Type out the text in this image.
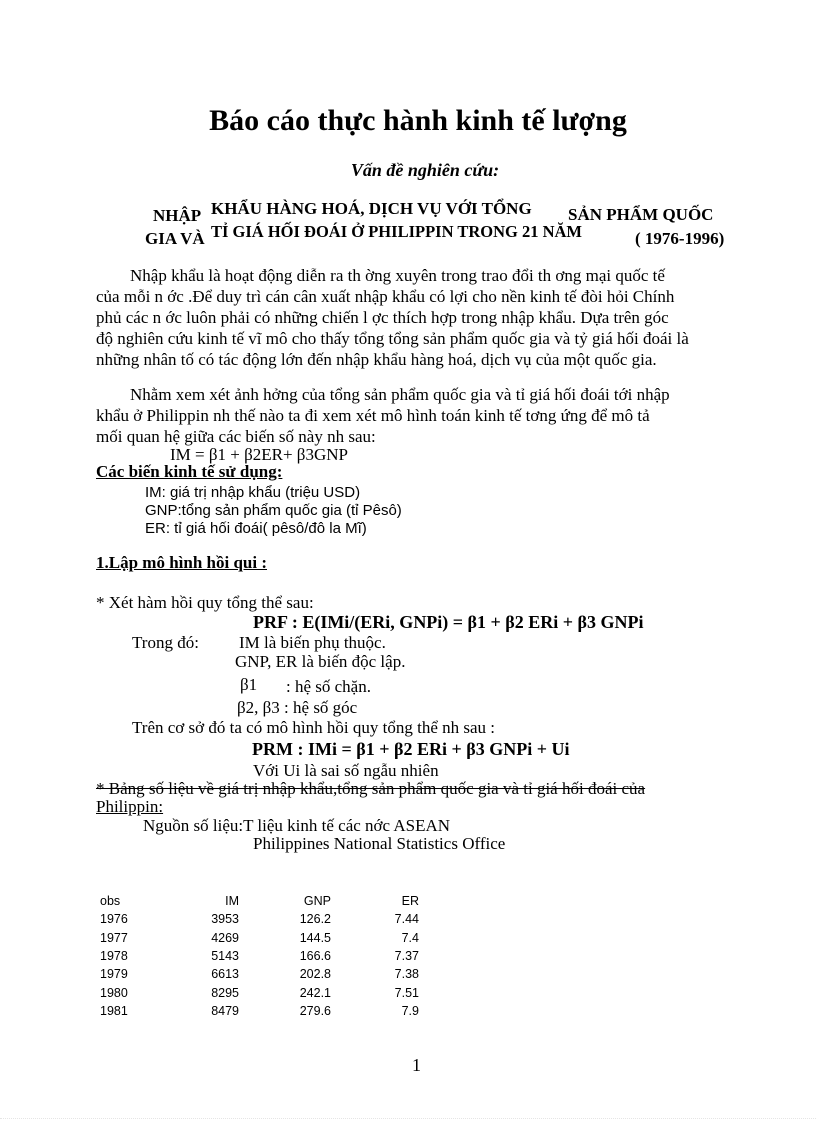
Báo cáo thực hành kinh tế lượng
Vấn đề nghiên cứu:
NHẬP KHẨU HÀNG HOÁ, DỊCH VỤ VỚI TỔNG SẢN PHẨM QUỐC
GIA VÀ TỈ GIÁ HỐI ĐOÁI Ở PHILIPPIN TRONG 21 NĂM	( 1976-1996)
Nhập khẩu là hoạt động diễn ra th ờng xuyên trong trao đổi th ơng mại quốc tế
của mỗi n ớc .Để duy trì cán cân xuất nhập khẩu có lợi cho nền kinh tế đòi hỏi Chính
phủ các n ớc luôn phải có những chiến l ợc thích hợp trong nhập khẩu. Dựa trên góc
độ nghiên cứu kinh tế vĩ mô cho thấy tổng tổng sản phẩm quốc gia và tỷ giá hối đoái là
những nhân tố có tác động lớn đến nhập khẩu hàng hoá, dịch vụ của một quốc gia.
Nhằm xem xét ảnh hởng của tổng sản phẩm quốc gia và tỉ giá hối đoái tới nhập
khẩu ở Philippin nh thế nào ta đi xem xét mô hình toán kinh tế tơng ứng để mô tả
mối quan hệ giữa các biến số này nh sau:
IM = β1 + β2ER+ β3GNP
Các biến kinh tế sử dụng:
IM: giá trị nhập khẩu (triệu USD)
GNP:tổng sản phẩm quốc gia (tỉ Pêsô)
ER: tỉ giá hối đoái( pêsô/đô la Mĩ)
1.Lập mô hình hồi qui :
* Xét hàm hồi quy tổng thể sau:
PRF : E(IMi/(ERi, GNPi) = β1 + β2 ERi + β3 GNPi
Trong đó: IM là biến phụ thuộc.
GNP, ER là biến độc lập.
β1 : hệ số chặn.
β2, β3 : hệ số góc
Trên cơ sở đó ta có mô hình hồi quy tổng thể nh sau :
PRM : IMi = β1 + β2 ERi + β3 GNPi + Ui
Với Ui là sai số ngẫu nhiên
* Bảng số liệu về giá trị nhập khẩu,tổng sản phẩm quốc gia và tỉ giá hối đoái của
Philippin:
Nguồn số liệu:T liệu kinh tế các nớc ASEAN
Philippines National Statistics Office
obs	IM	GNP	ER
1976	3953	126.2	7.44
1977	4269	144.5	7.4
1978	5143	166.6	7.37
1979	6613	202.8	7.38
1980	8295	242.1	7.51
1981	8479	279.6	7.9
1
